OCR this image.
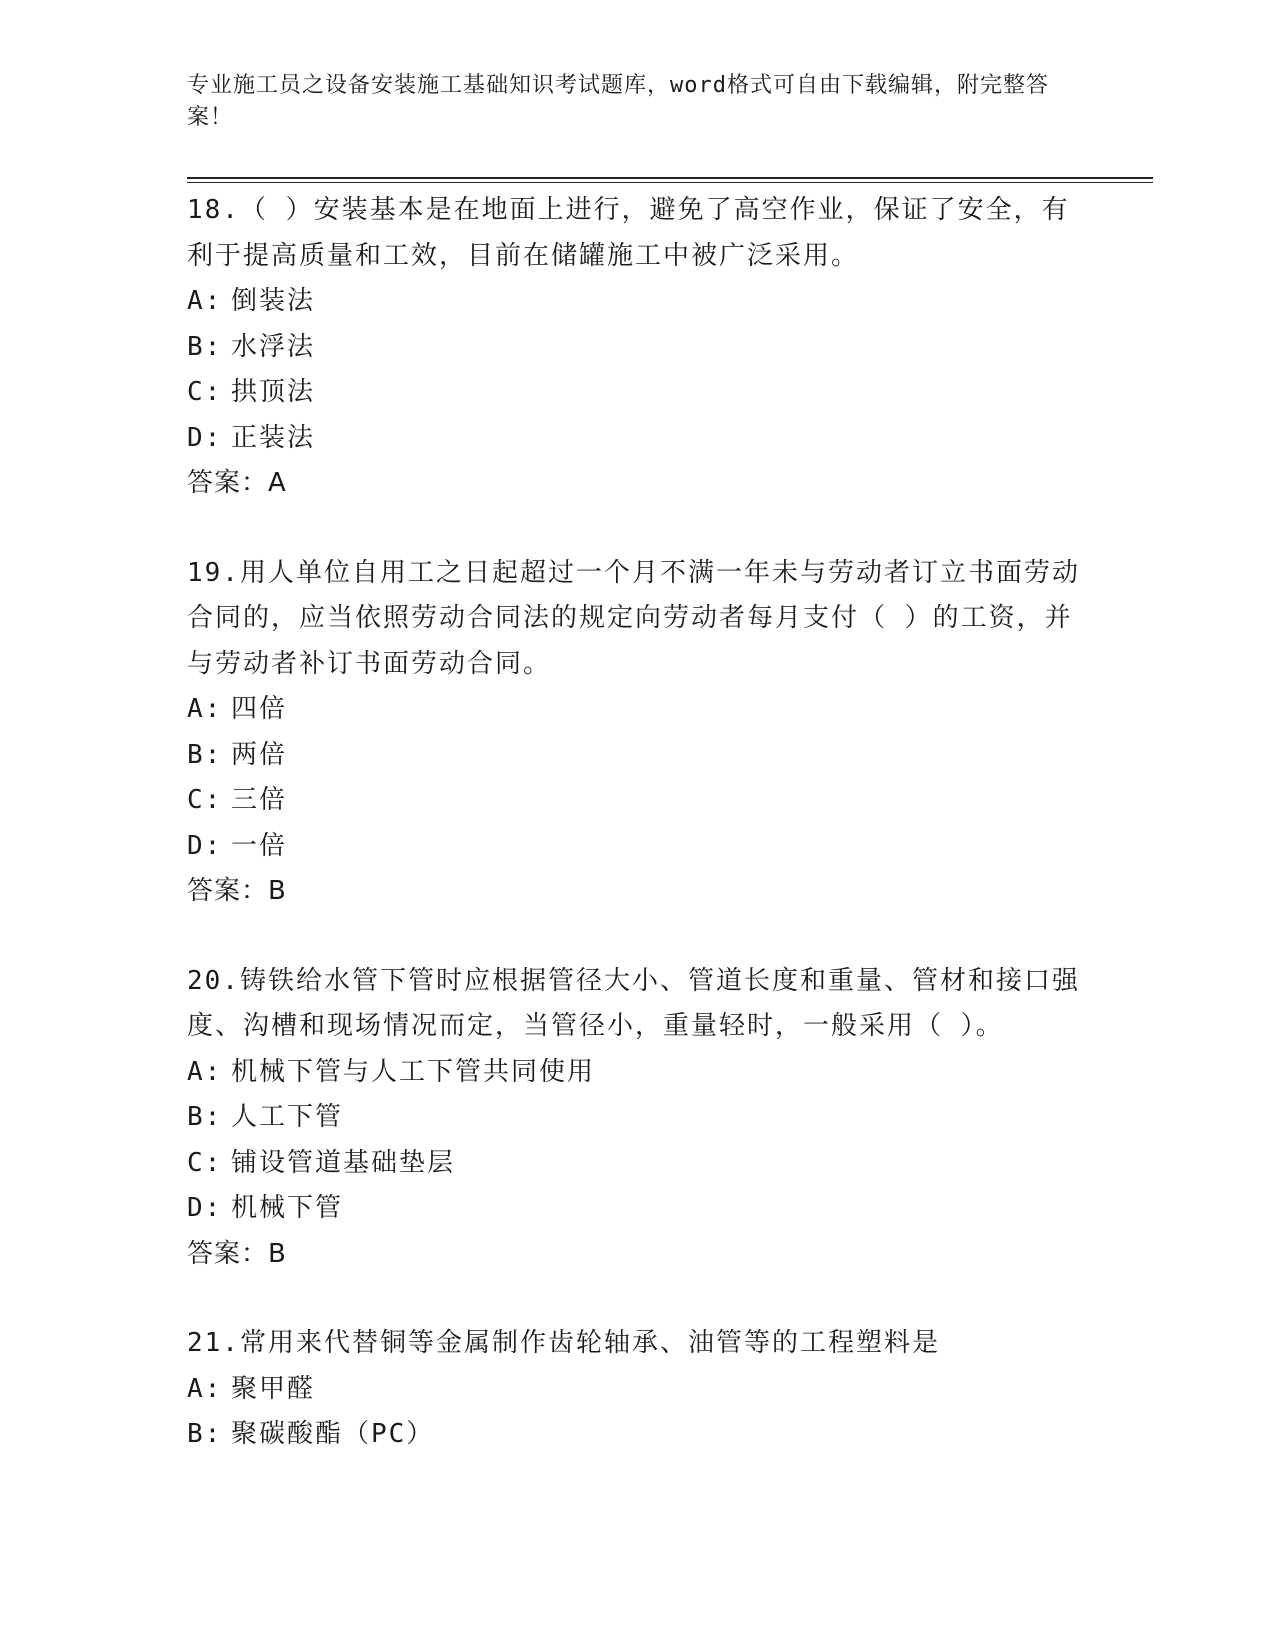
专业施工员之设备安装施工基础知识考试题库，word格式可自由下载编辑，附完整答案！

18.（ ）安装基本是在地面上进行，避免了高空作业，保证了安全，有利于提高质量和工效，目前在储罐施工中被广泛采用。

A: 倒装法
B: 水浮法
C: 拱顶法
D: 正装法
答案：A

19.用人单位自用工之日起超过一个月不满一年未与劳动者订立书面劳动合同的，应当依照劳动合同法的规定向劳动者每月支付（ ）的工资，并与劳动者补订书面劳动合同。

A: 四倍
B: 两倍
C: 三倍
D: 一倍
答案：B

20.铸铁给水管下管时应根据管径大小、管道长度和重量、管材和接口强度、沟槽和现场情况而定，当管径小，重量轻时，一般采用（ ）。

A: 机械下管与人工下管共同使用
B: 人工下管
C: 铺设管道基础垫层
D: 机械下管
答案：B

21.常用来代替铜等金属制作齿轮轴承、油管等的工程塑料是

A: 聚甲醛
B: 聚碳酸酯（PC）
